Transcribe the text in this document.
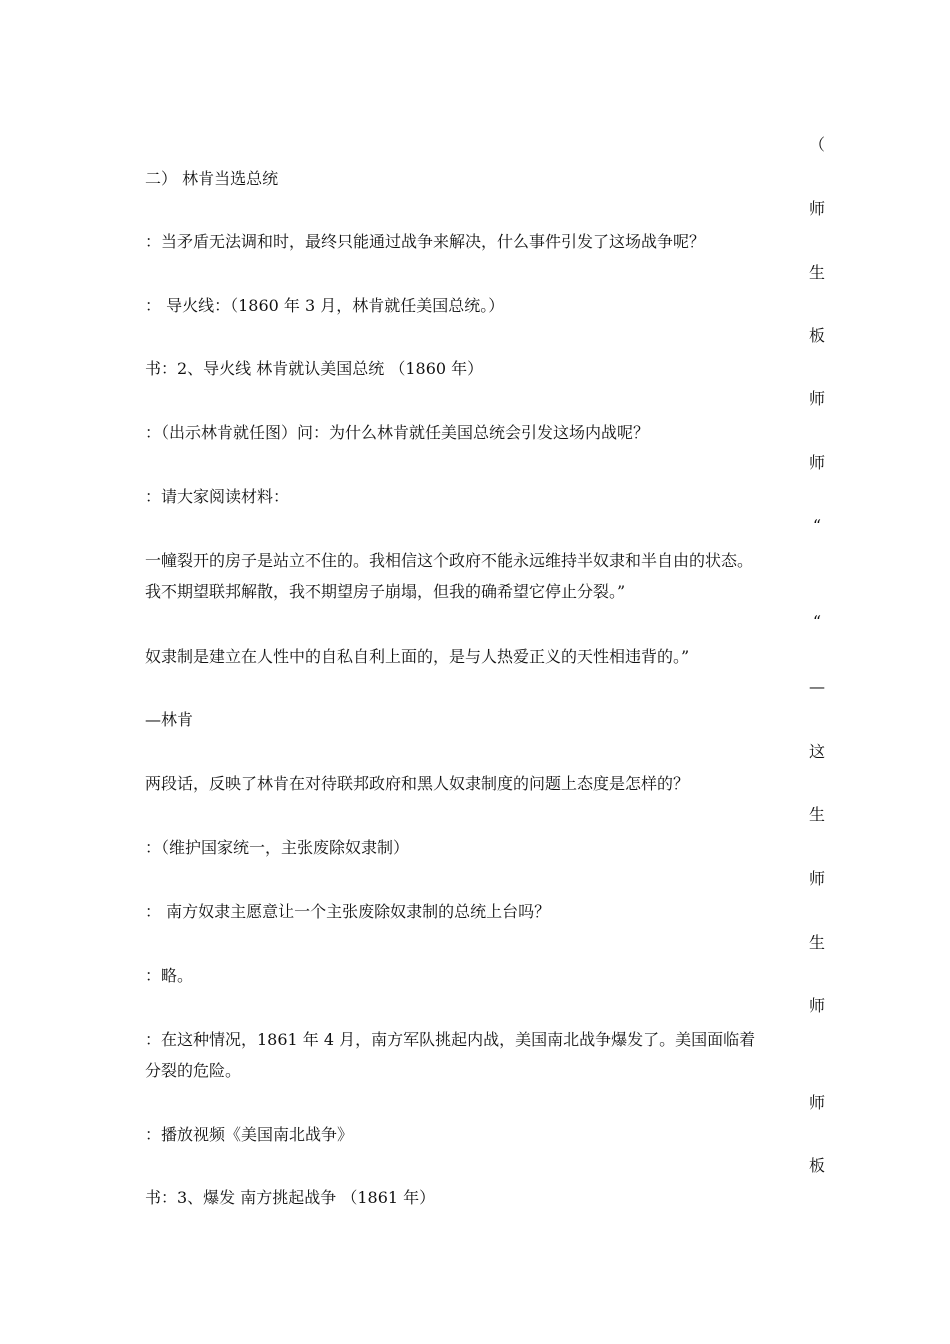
（
师
生
板
师
师
“
“
—
这
生
师
生
师
师
板
二） 林肯当选总统
：当矛盾无法调和时，最终只能通过战争来解决，什么事件引发了这场战争呢？
： 导火线：（1860 年 3 月，林肯就任美国总统。）
书：2、导火线 林肯就认美国总统 （1860 年）
：（出示林肯就任图）问：为什么林肯就任美国总统会引发这场内战呢？
：请大家阅读材料：
一幢裂开的房子是站立不住的。我相信这个政府不能永远维持半奴隶和半自由的状态。
我不期望联邦解散，我不期望房子崩塌，但我的确希望它停止分裂。”
奴隶制是建立在人性中的自私自利上面的，是与人热爱正义的天性相违背的。”
—林肯
两段话，反映了林肯在对待联邦政府和黑人奴隶制度的问题上态度是怎样的？
：（维护国家统一，主张废除奴隶制）
： 南方奴隶主愿意让一个主张废除奴隶制的总统上台吗？
：略。
：在这种情况，1861 年 4 月，南方军队挑起内战，美国南北战争爆发了。美国面临着
分裂的危险。
：播放视频《美国南北战争》
书：3、爆发 南方挑起战争 （1861 年）
